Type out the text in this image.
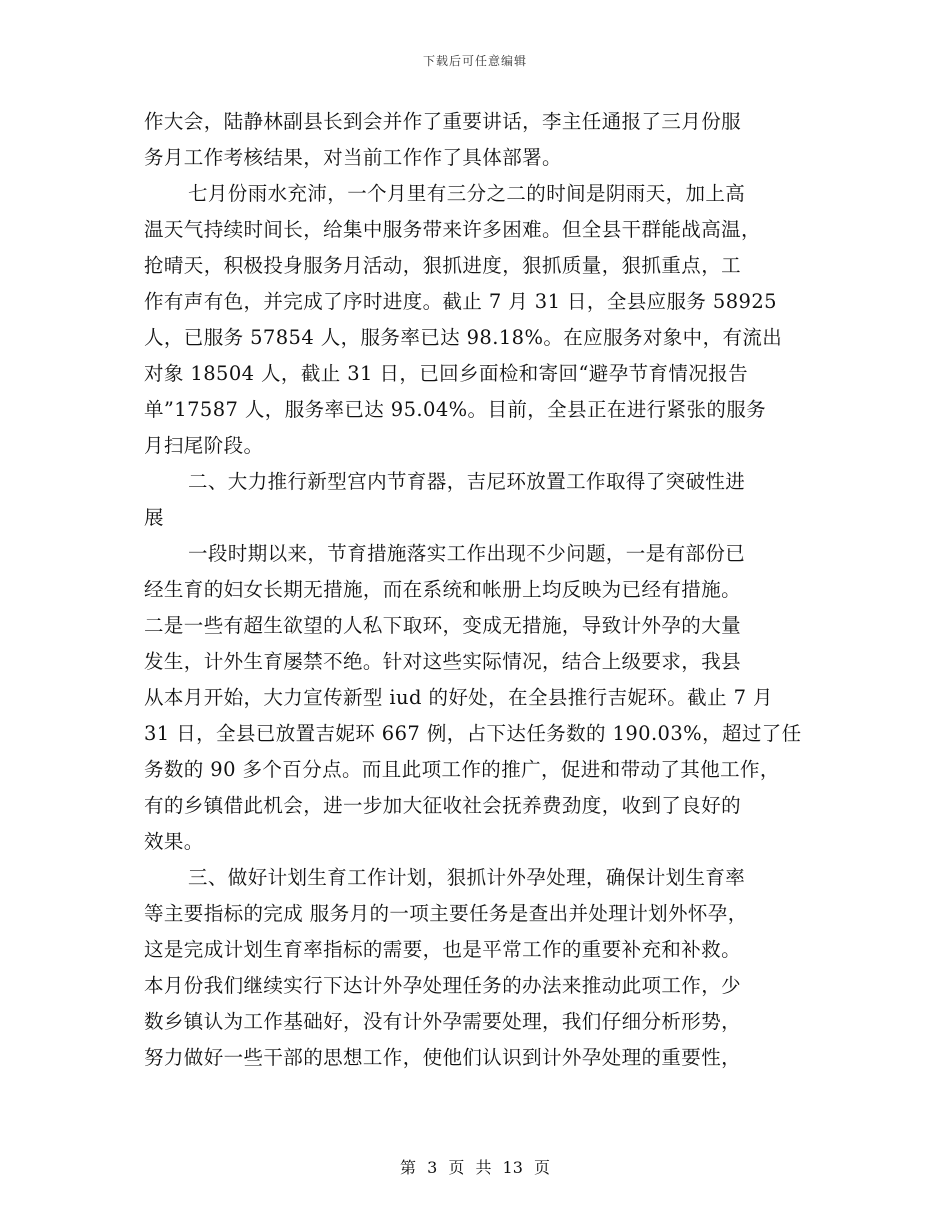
下载后可任意编辑
作大会，陆静林副县长到会并作了重要讲话，李主任通报了三月份服
务月工作考核结果，对当前工作作了具体部署。
七月份雨水充沛，一个月里有三分之二的时间是阴雨天，加上高
温天气持续时间长，给集中服务带来许多困难。但全县干群能战高温，
抢晴天，积极投身服务月活动，狠抓进度，狠抓质量，狠抓重点，工
作有声有色，并完成了序时进度。截止 7 月 31 日，全县应服务 58925
人，已服务 57854 人，服务率已达 98.18%。在应服务对象中，有流出
对象 18504 人，截止 31 日，已回乡面检和寄回“避孕节育情况报告
单”17587 人，服务率已达 95.04%。目前，全县正在进行紧张的服务
月扫尾阶段。
二、大力推行新型宫内节育器，吉尼环放置工作取得了突破性进
展
一段时期以来，节育措施落实工作出现不少问题，一是有部份已
经生育的妇女长期无措施，而在系统和帐册上均反映为已经有措施。
二是一些有超生欲望的人私下取环，变成无措施，导致计外孕的大量
发生，计外生育屡禁不绝。针对这些实际情况，结合上级要求，我县
从本月开始，大力宣传新型 iud 的好处，在全县推行吉妮环。截止 7 月
31 日，全县已放置吉妮环 667 例，占下达任务数的 190.03%，超过了任
务数的 90 多个百分点。而且此项工作的推广，促进和带动了其他工作，
有的乡镇借此机会，进一步加大征收社会抚养费劲度，收到了良好的
效果。
三、做好计划生育工作计划，狠抓计外孕处理，确保计划生育率
等主要指标的完成 服务月的一项主要任务是查出并处理计划外怀孕，
这是完成计划生育率指标的需要，也是平常工作的重要补充和补救。
本月份我们继续实行下达计外孕处理任务的办法来推动此项工作，少
数乡镇认为工作基础好，没有计外孕需要处理，我们仔细分析形势，
努力做好一些干部的思想工作，使他们认识到计外孕处理的重要性，
第 3 页 共 13 页
